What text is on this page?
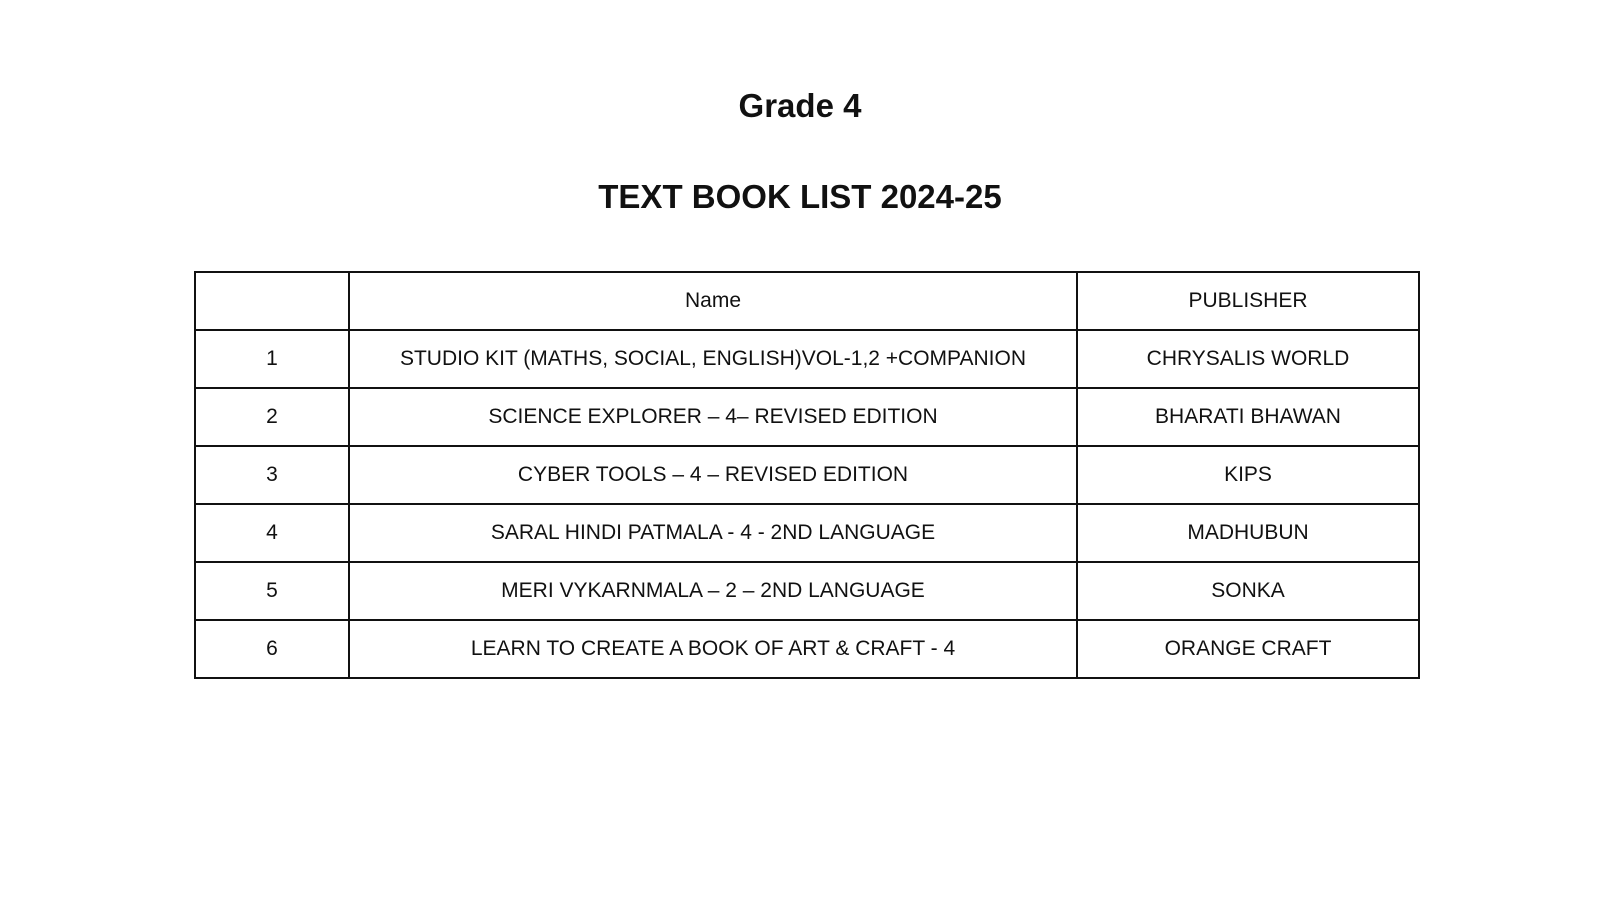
Grade 4
TEXT BOOK LIST 2024-25
	Name	PUBLISHER
1	STUDIO KIT (MATHS, SOCIAL, ENGLISH)VOL-1,2 +COMPANION	CHRYSALIS WORLD
2	SCIENCE EXPLORER – 4– REVISED EDITION	BHARATI BHAWAN
3	CYBER TOOLS – 4 – REVISED EDITION	KIPS
4	SARAL HINDI PATMALA - 4 - 2ND LANGUAGE	MADHUBUN
5	MERI VYKARNMALA – 2 – 2ND LANGUAGE	SONKA
6	LEARN TO CREATE A BOOK OF ART & CRAFT - 4	ORANGE CRAFT
